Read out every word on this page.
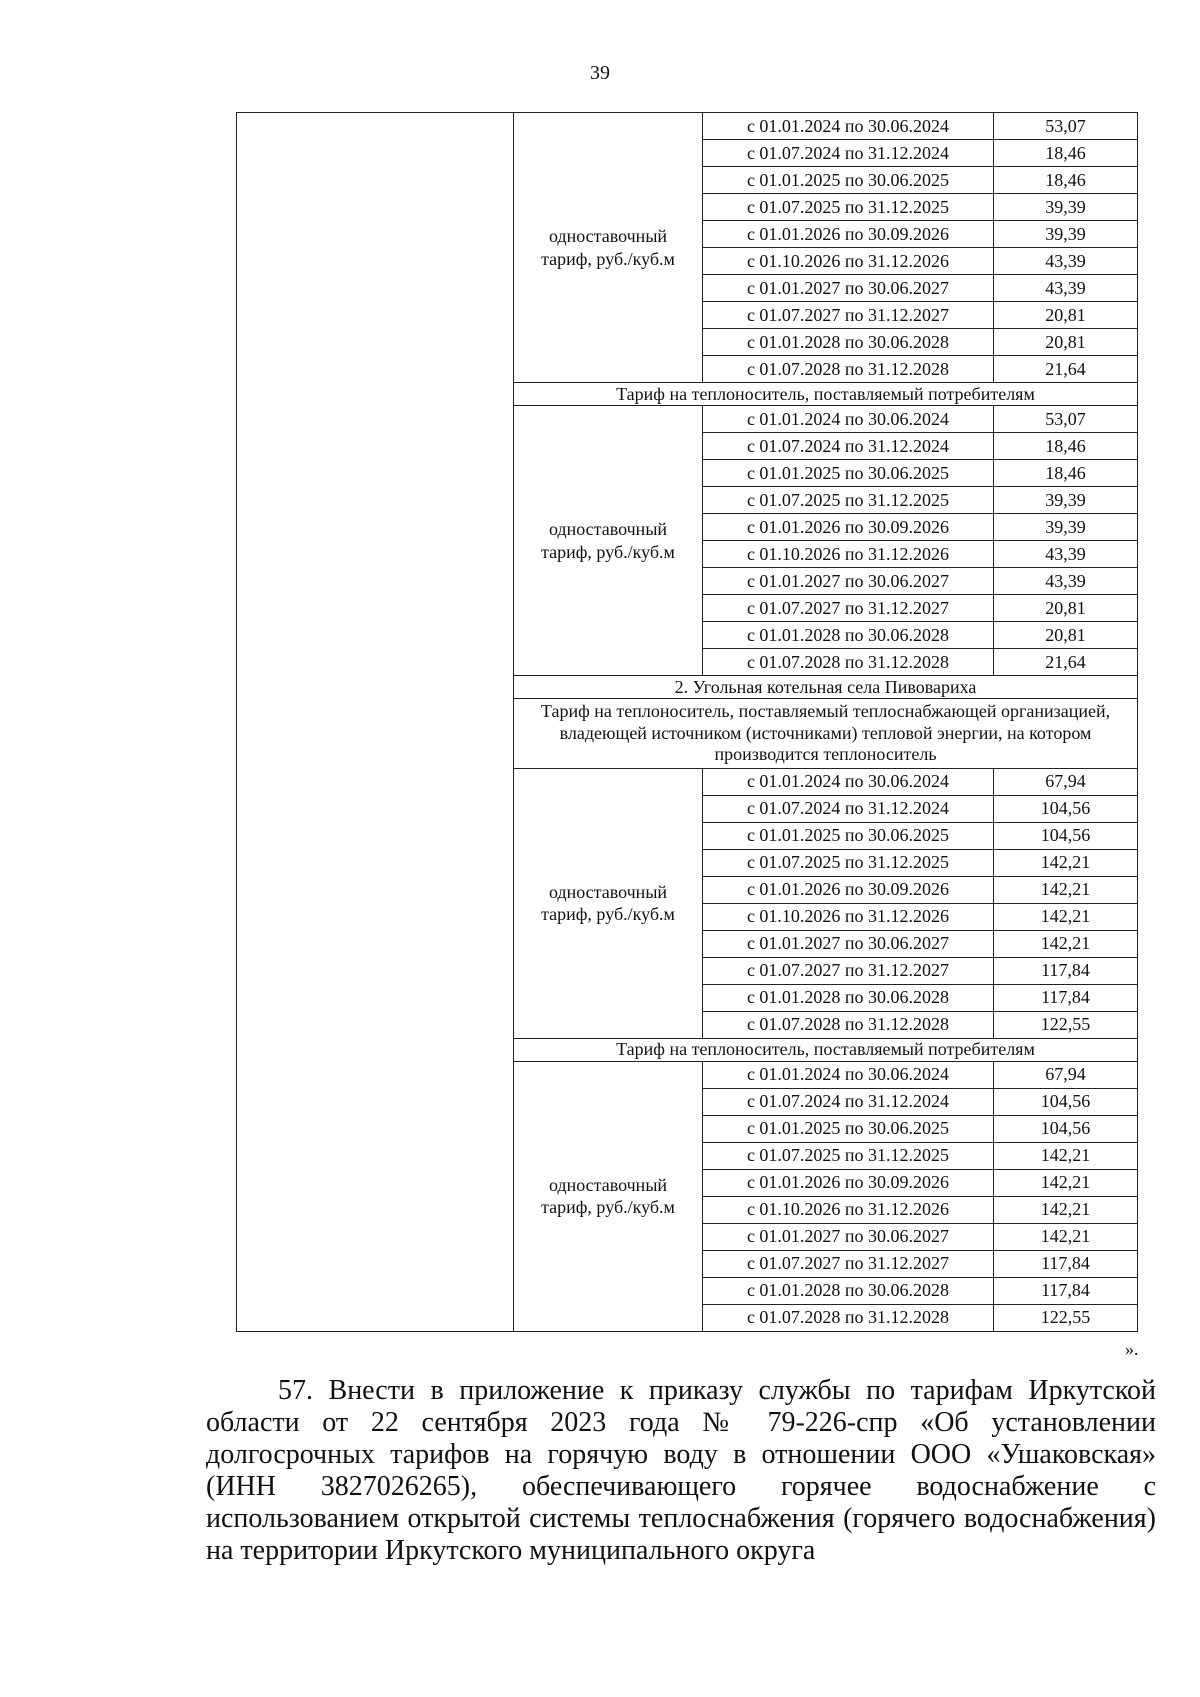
39
	одноставочный
тариф, руб./куб.м	с 01.01.2024 по 30.06.2024	53,07
		с 01.07.2024 по 31.12.2024	18,46
		с 01.01.2025 по 30.06.2025	18,46
		с 01.07.2025 по 31.12.2025	39,39
		с 01.01.2026 по 30.09.2026	39,39
		с 01.10.2026 по 31.12.2026	43,39
		с 01.01.2027 по 30.06.2027	43,39
		с 01.07.2027 по 31.12.2027	20,81
		с 01.01.2028 по 30.06.2028	20,81
		с 01.07.2028 по 31.12.2028	21,64
	Тариф на теплоноситель, поставляемый потребителям		
	одноставочный
тариф, руб./куб.м	с 01.01.2024 по 30.06.2024	53,07
		с 01.07.2024 по 31.12.2024	18,46
		с 01.01.2025 по 30.06.2025	18,46
		с 01.07.2025 по 31.12.2025	39,39
		с 01.01.2026 по 30.09.2026	39,39
		с 01.10.2026 по 31.12.2026	43,39
		с 01.01.2027 по 30.06.2027	43,39
		с 01.07.2027 по 31.12.2027	20,81
		с 01.01.2028 по 30.06.2028	20,81
		с 01.07.2028 по 31.12.2028	21,64
	2. Угольная котельная села Пивовариха		
	Тариф на теплоноситель, поставляемый теплоснабжающей организацией, владеющей источником (источниками) тепловой энергии, на котором производится теплоноситель		
	одноставочный
тариф, руб./куб.м	с 01.01.2024 по 30.06.2024	67,94
		с 01.07.2024 по 31.12.2024	104,56
		с 01.01.2025 по 30.06.2025	104,56
		с 01.07.2025 по 31.12.2025	142,21
		с 01.01.2026 по 30.09.2026	142,21
		с 01.10.2026 по 31.12.2026	142,21
		с 01.01.2027 по 30.06.2027	142,21
		с 01.07.2027 по 31.12.2027	117,84
		с 01.01.2028 по 30.06.2028	117,84
		с 01.07.2028 по 31.12.2028	122,55
	Тариф на теплоноситель, поставляемый потребителям		
	одноставочный
тариф, руб./куб.м	с 01.01.2024 по 30.06.2024	67,94
		с 01.07.2024 по 31.12.2024	104,56
		с 01.01.2025 по 30.06.2025	104,56
		с 01.07.2025 по 31.12.2025	142,21
		с 01.01.2026 по 30.09.2026	142,21
		с 01.10.2026 по 31.12.2026	142,21
		с 01.01.2027 по 30.06.2027	142,21
		с 01.07.2027 по 31.12.2027	117,84
		с 01.01.2028 по 30.06.2028	117,84
		с 01.07.2028 по 31.12.2028	122,55
».

57. Внести в приложение к приказу службы по тарифам Иркутской области от 22 сентября 2023 года № 79-226-спр «Об установлении долгосрочных тарифов на горячую воду в отношении ООО «Ушаковская» (ИНН 3827026265), обеспечивающего горячее водоснабжение с использованием открытой системы теплоснабжения (горячего водоснабжения) на территории Иркутского муниципального округа
